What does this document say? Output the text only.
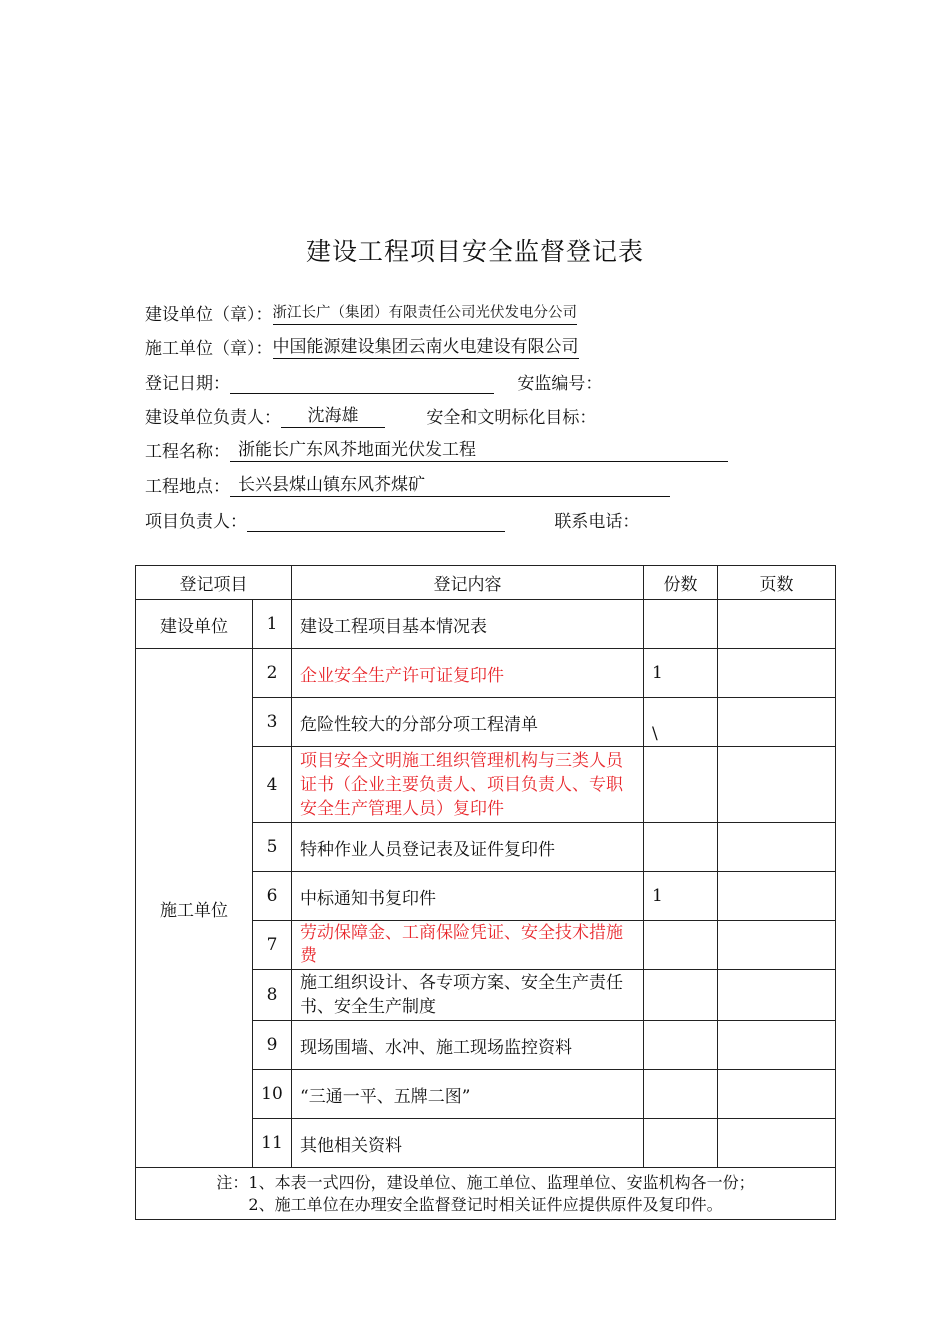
建设工程项目安全监督登记表
建设单位（章）：浙江长广（集团）有限责任公司光伏发电分公司
施工单位（章）：中国能源建设集团云南火电建设有限公司
登记日期：	安监编号：
建设单位负责人： 沈海雄	安全和文明标化目标：
工程名称： 浙能长广东风芥地面光伏发工程
工程地点： 长兴县煤山镇东风芥煤矿
项目负责人：	联系电话：
登记项目		登记内容	份数	页数
建设单位	1	建设工程项目基本情况表		
施工单位	2	企业安全生产许可证复印件	1	
	3	危险性较大的分部分项工程清单	\	
	4	项目安全文明施工组织管理机构与三类人员证书（企业主要负责人、项目负责人、专职安全生产管理人员）复印件		
	5	特种作业人员登记表及证件复印件		
	6	中标通知书复印件	1	
	7	劳动保障金、工商保险凭证、安全技术措施费		
	8	施工组织设计、各专项方案、安全生产责任书、安全生产制度		
	9	现场围墙、水冲、施工现场监控资料		
	10	“三通一平、五牌二图”		
	11	其他相关资料		

注：1、本表一式四份，建设单位、施工单位、监理单位、安监机构各一份；
2、施工单位在办理安全监督登记时相关证件应提供原件及复印件。				
